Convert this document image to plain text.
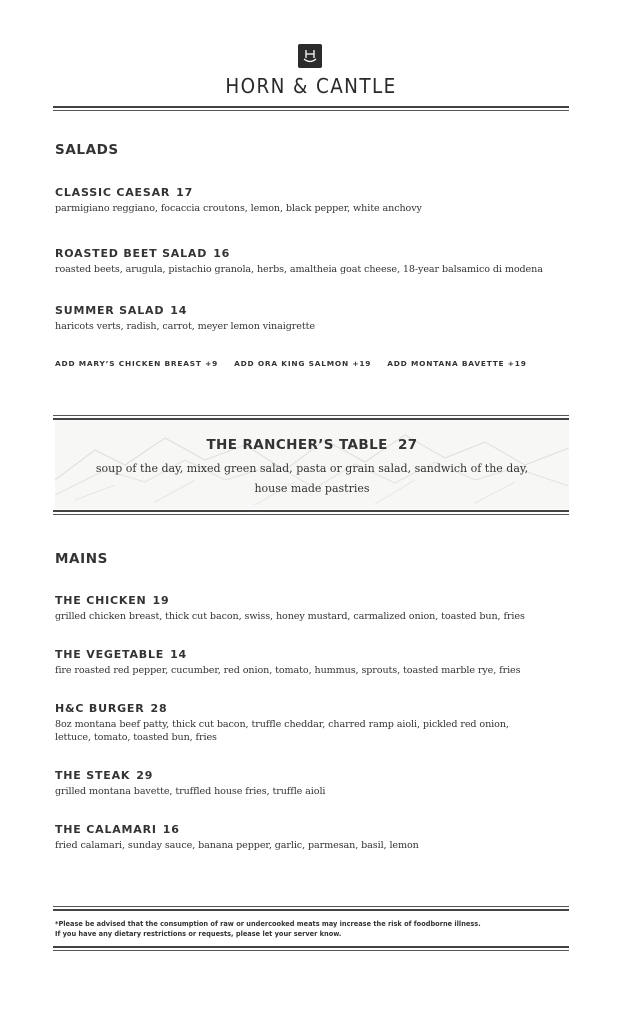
HORN & CANTLE
SALADS
CLASSIC CAESAR 17
parmigiano reggiano, focaccia croutons, lemon, black pepper, white anchovy
ROASTED BEET SALAD 16
roasted beets, arugula, pistachio granola, herbs, amaltheia goat cheese, 18-year balsamico di modena
SUMMER SALAD 14
haricots verts, radish, carrot, meyer lemon vinaigrette
ADD MARY’S CHICKEN BREAST +9 ADD ORA KING SALMON +19 ADD MONTANA BAVETTE +19
THE RANCHER’S TABLE 27
soup of the day, mixed green salad, pasta or grain salad, sandwich of the day,
house made pastries
MAINS
THE CHICKEN 19
grilled chicken breast, thick cut bacon, swiss, honey mustard, carmalized onion, toasted bun, fries
THE VEGETABLE 14
fire roasted red pepper, cucumber, red onion, tomato, hummus, sprouts, toasted marble rye, fries
H&C BURGER 28
8oz montana beef patty, thick cut bacon, truffle cheddar, charred ramp aioli, pickled red onion,
lettuce, tomato, toasted bun, fries
THE STEAK 29
grilled montana bavette, truffled house fries, truffle aioli
THE CALAMARI 16
fried calamari, sunday sauce, banana pepper, garlic, parmesan, basil, lemon
*Please be advised that the consumption of raw or undercooked meats may increase the risk of foodborne illness.
If you have any dietary restrictions or requests, please let your server know.
